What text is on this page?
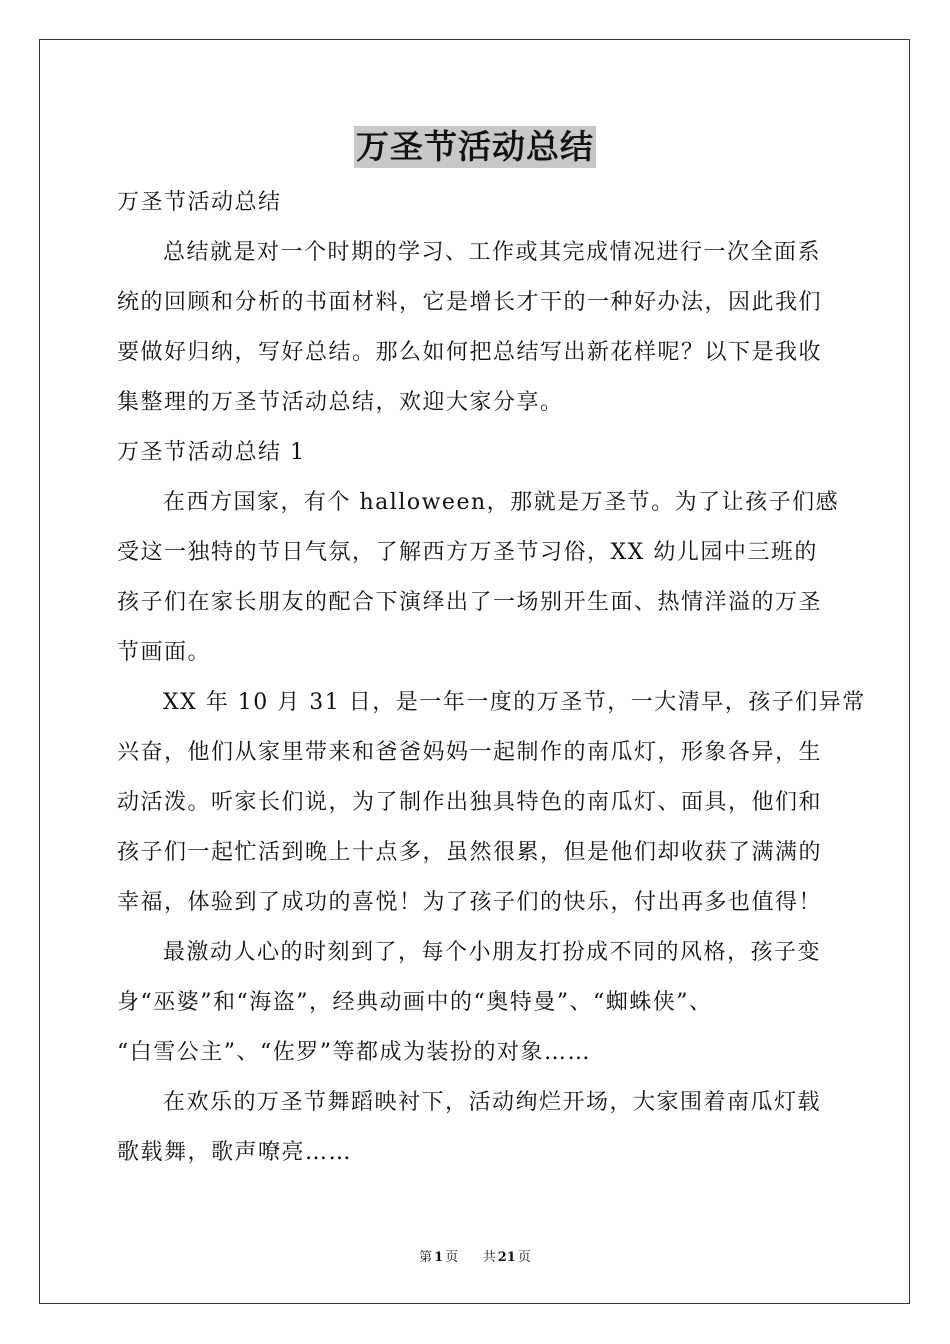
万圣节活动总结
万圣节活动总结
总结就是对一个时期的学习、工作或其完成情况进行一次全面系
统的回顾和分析的书面材料，它是增长才干的一种好办法，因此我们
要做好归纳，写好总结。那么如何把总结写出新花样呢？以下是我收
集整理的万圣节活动总结，欢迎大家分享。
万圣节活动总结 1
在西方国家，有个 halloween，那就是万圣节。为了让孩子们感
受这一独特的节日气氛，了解西方万圣节习俗，XX 幼儿园中三班的
孩子们在家长朋友的配合下演绎出了一场别开生面、热情洋溢的万圣
节画面。
XX 年 10 月 31 日，是一年一度的万圣节，一大清早，孩子们异常
兴奋，他们从家里带来和爸爸妈妈一起制作的南瓜灯，形象各异，生
动活泼。听家长们说，为了制作出独具特色的南瓜灯、面具，他们和
孩子们一起忙活到晚上十点多，虽然很累，但是他们却收获了满满的
幸福，体验到了成功的喜悦！为了孩子们的快乐，付出再多也值得！
最激动人心的时刻到了，每个小朋友打扮成不同的风格，孩子变
身“巫婆”和“海盗”，经典动画中的“奥特曼”、“蜘蛛侠”、
“白雪公主”、“佐罗”等都成为装扮的对象……
在欢乐的万圣节舞蹈映衬下，活动绚烂开场，大家围着南瓜灯载
歌载舞，歌声嘹亮……
第 1 页 共 21 页
